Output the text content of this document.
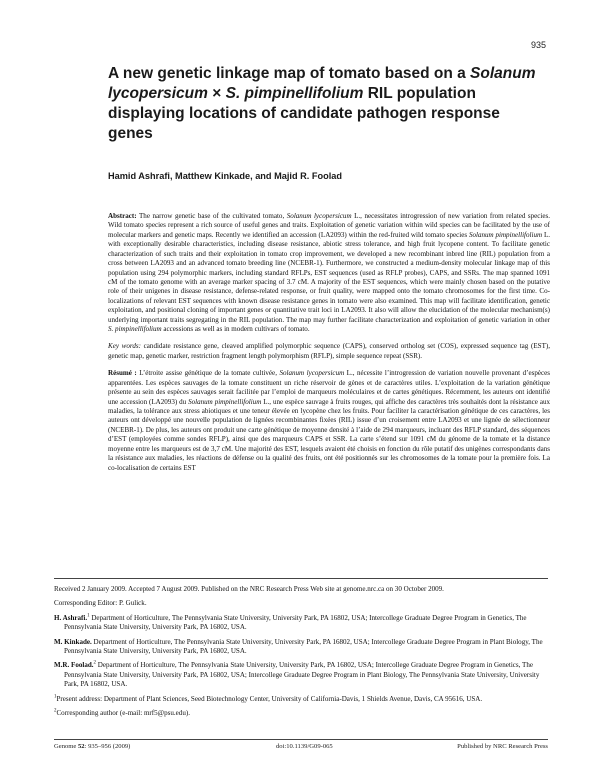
935
A new genetic linkage map of tomato based on a Solanum lycopersicum × S. pimpinellifolium RIL population displaying locations of candidate pathogen response genes
Hamid Ashrafi, Matthew Kinkade, and Majid R. Foolad

Abstract: The narrow genetic base of the cultivated tomato, Solanum lycopersicum L., necessitates introgression of new variation from related species. Wild tomato species represent a rich source of useful genes and traits. Exploitation of genetic variation within wild species can be facilitated by the use of molecular markers and genetic maps. Recently we identified an accession (LA2093) within the red-fruited wild tomato species Solanum pimpinellifolium L. with exceptionally desirable characteristics, including disease resistance, abiotic stress tolerance, and high fruit lycopene content. To facilitate genetic characterization of such traits and their exploitation in tomato crop improvement, we developed a new recombinant inbred line (RIL) population from a cross between LA2093 and an advanced tomato breeding line (NCEBR-1). Furthermore, we constructed a medium-density molecular linkage map of this population using 294 polymorphic markers, including standard RFLPs, EST sequences (used as RFLP probes), CAPS, and SSRs. The map spanned 1091 cM of the tomato genome with an average marker spacing of 3.7 cM. A majority of the EST sequences, which were mainly chosen based on the putative role of their unigenes in disease resistance, defense-related response, or fruit quality, were mapped onto the tomato chromosomes for the first time. Co-localizations of relevant EST sequences with known disease resistance genes in tomato were also examined. This map will facilitate identification, genetic exploitation, and positional cloning of important genes or quantitative trait loci in LA2093. It also will allow the elucidation of the molecular mechanism(s) underlying important traits segregating in the RIL population. The map may further facilitate characterization and exploitation of genetic variation in other S. pimpinellifolium accessions as well as in modern cultivars of tomato.

Key words: candidate resistance gene, cleaved amplified polymorphic sequence (CAPS), conserved ortholog set (COS), expressed sequence tag (EST), genetic map, genetic marker, restriction fragment length polymorphism (RFLP), simple sequence repeat (SSR).

Résumé : L’étroite assise génétique de la tomate cultivée, Solanum lycopersicum L., nécessite l’introgression de variation nouvelle provenant d’espèces apparentées. Les espèces sauvages de la tomate constituent un riche réservoir de gènes et de caractères utiles. L’exploitation de la variation génétique présente au sein des espèces sauvages serait facilitée par l’emploi de marqueurs moléculaires et de cartes génétiques. Récemment, les auteurs ont identifié une accession (LA2093) du Solanum pimpinellifolium L., une espèce sauvage à fruits rouges, qui affiche des caractères très souhaités dont la résistance aux maladies, la tolérance aux stress abiotiques et une teneur élevée en lycopène chez les fruits. Pour faciliter la caractérisation génétique de ces caractères, les auteurs ont développé une nouvelle population de lignées recombinantes fixées (RIL) issue d’un croisement entre LA2093 et une lignée de sélectionneur (NCEBR-1). De plus, les auteurs ont produit une carte génétique de moyenne densité à l’aide de 294 marqueurs, incluant des RFLP standard, des séquences d’EST (employées comme sondes RFLP), ainsi que des marqueurs CAPS et SSR. La carte s’étend sur 1091 cM du génome de la tomate et la distance moyenne entre les marqueurs est de 3,7 cM. Une majorité des EST, lesquels avaient été choisis en fonction du rôle putatif des unigènes correspondants dans la résistance aux maladies, les réactions de défense ou la qualité des fruits, ont été positionnés sur les chromosomes de la tomate pour la première fois. La co-localisation de certains EST

Received 2 January 2009. Accepted 7 August 2009. Published on the NRC Research Press Web site at genome.nrc.ca on 30 October 2009.

Corresponding Editor: P. Gulick.

H. Ashrafi.$^1$ Department of Horticulture, The Pennsylvania State University, University Park, PA 16802, USA; Intercollege Graduate Degree Program in Genetics, The Pennsylvania State University, University Park, PA 16802, USA.

M. Kinkade. Department of Horticulture, The Pennsylvania State University, University Park, PA 16802, USA; Intercollege Graduate Degree Program in Plant Biology, The Pennsylvania State University, University Park, PA 16802, USA.

M.R. Foolad.$^2$ Department of Horticulture, The Pennsylvania State University, University Park, PA 16802, USA; Intercollege Graduate Degree Program in Genetics, The Pennsylvania State University, University Park, PA 16802, USA; Intercollege Graduate Degree Program in Plant Biology, The Pennsylvania State University, University Park, PA 16802, USA.

$^1$Present address: Department of Plant Sciences, Seed Biotechnology Center, University of California-Davis, 1 Shields Avenue, Davis, CA 95616, USA.

$^2$Corresponding author (e-mail: mrf5@psu.edu).

Genome 52: 935–956 (2009)	doi:10.1139/G09-065	Published by NRC Research Press
